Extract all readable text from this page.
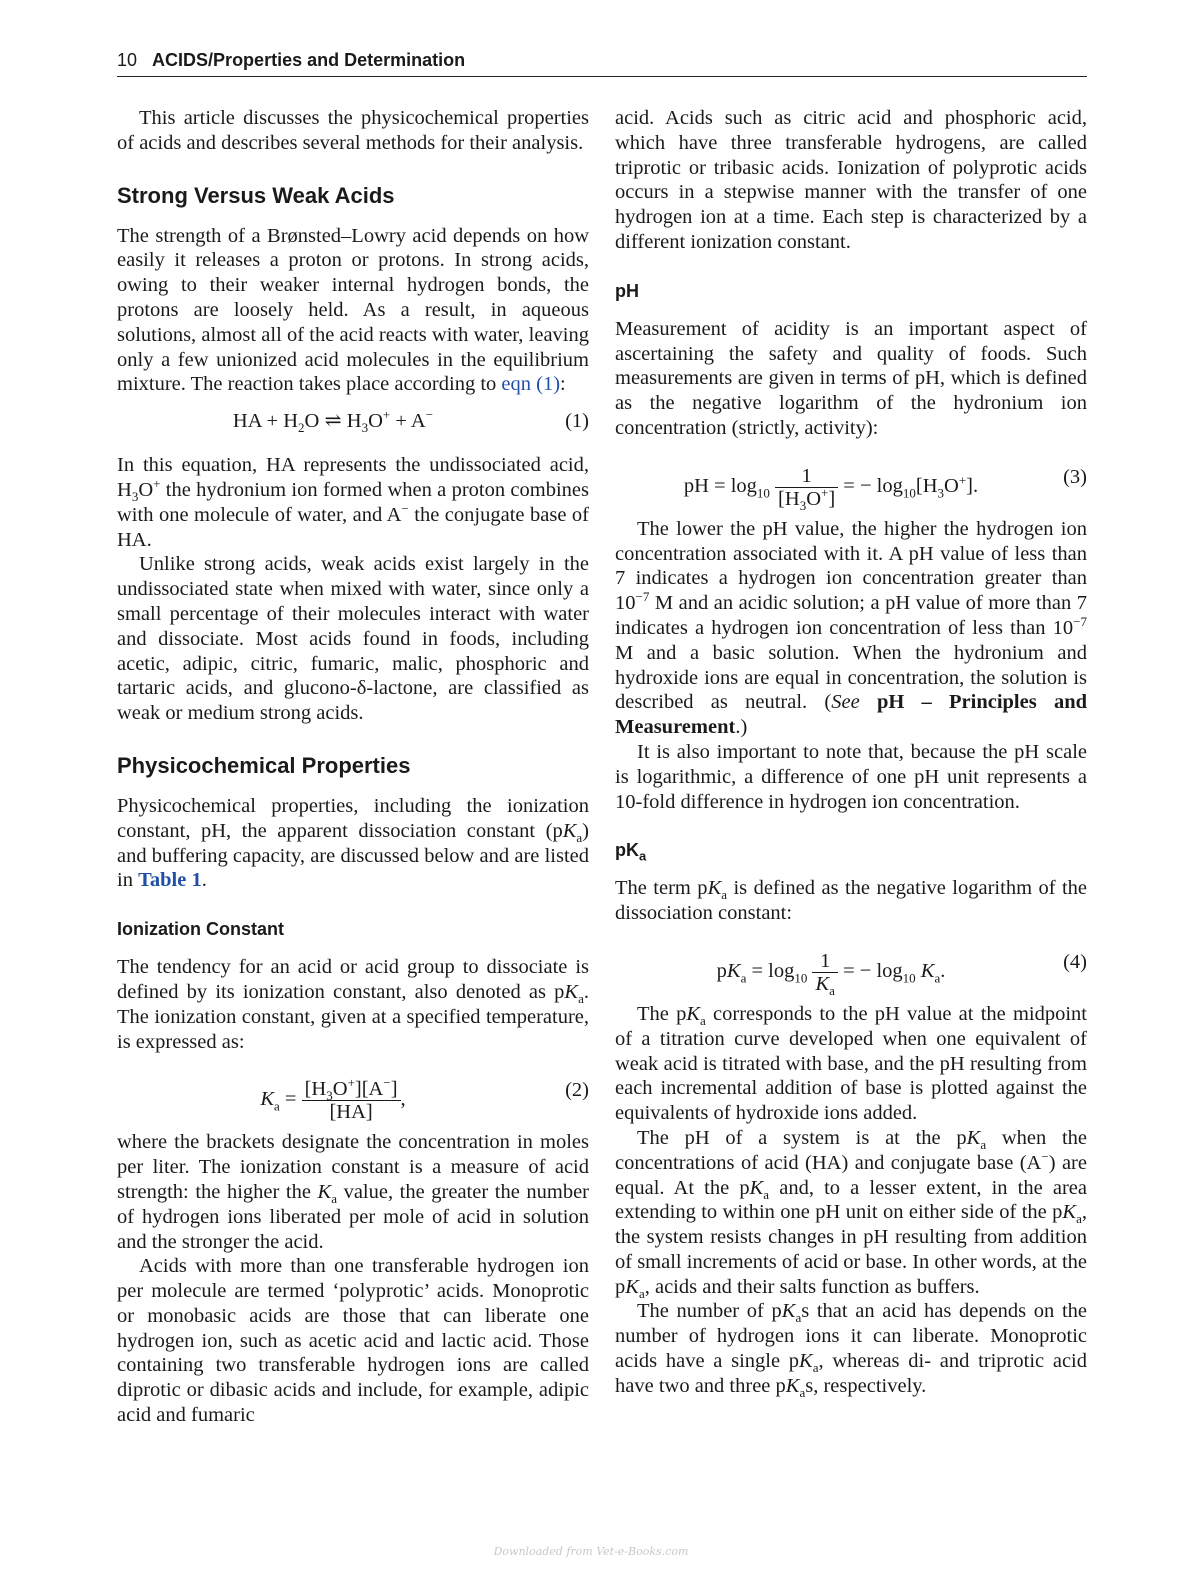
10 ACIDS/Properties and Determination

This article discusses the physicochemical properties of acids and describes several methods for their analysis.

Strong Versus Weak Acids

The strength of a Brønsted–Lowry acid depends on how easily it releases a proton or protons. In strong acids, owing to their weaker internal hydrogen bonds, the protons are loosely held. As a result, in aqueous solutions, almost all of the acid reacts with water, leaving only a few unionized acid molecules in the equilibrium mixture. The reaction takes place according to eqn (1):

HA + $H_2O$ ⇌ $H_3O^+ + A^-$	(1)

In this equation, HA represents the undissociated acid, $H_3O^+$ the hydronium ion formed when a proton combines with one molecule of water, and A− the conjugate base of HA.

Unlike strong acids, weak acids exist largely in the undissociated state when mixed with water, since only a small percentage of their molecules interact with water and dissociate. Most acids found in foods, including acetic, adipic, citric, fumaric, malic, phosphoric and tartaric acids, and glucono-δ-lactone, are classified as weak or medium strong acids.

Physicochemical Properties

Physicochemical properties, including the ionization constant, pH, the apparent dissociation constant $(pK_a)$ and buffering capacity, are discussed below and are listed in Table 1.

Ionization Constant

The tendency for an acid or acid group to dissociate is defined by its ionization constant, also denoted as $pK_a$. The ionization constant, given at a specified temperature, is expressed as:

$K_a = \frac{[H_3O^+][A^-]}{[HA]}$ ,	(2)

where the brackets designate the concentration in moles per liter. The ionization constant is a measure of acid strength: the higher the $K_a$ value, the greater the number of hydrogen ions liberated per mole of acid in solution and the stronger the acid.

Acids with more than one transferable hydrogen ion per molecule are termed ‘polyprotic’ acids. Monoprotic or monobasic acids are those that can liberate one hydrogen ion, such as acetic acid and lactic acid. Those containing two transferable hydrogen ions are called diprotic or dibasic acids and include, for example, adipic acid and fumaric

acid. Acids such as citric acid and phosphoric acid, which have three transferable hydrogens, are called triprotic or tribasic acids. Ionization of polyprotic acids occurs in a stepwise manner with the transfer of one hydrogen ion at a time. Each step is characterized by a different ionization constant.

pH

Measurement of acidity is an important aspect of ascertaining the safety and quality of foods. Such measurements are given in terms of pH, which is defined as the negative logarithm of the hydronium ion concentration (strictly, activity):

pH = $\log_{10} \frac{1}{[H_3O^+]}$ = − $\log_{10}[H_3O^+]$.	(3)

The lower the pH value, the higher the hydrogen ion concentration associated with it. A pH value of less than 7 indicates a hydrogen ion concentration greater than $10^{-7}$ M and an acidic solution; a pH value of more than 7 indicates a hydrogen ion concentration of less than $10^{-7}$ M and a basic solution. When the hydronium and hydroxide ions are equal in concentration, the solution is described as neutral. (See pH – Principles and Measurement.)

It is also important to note that, because the pH scale is logarithmic, a difference of one pH unit represents a 10-fold difference in hydrogen ion concentration.

$pK_a$

The term $pK_a$ is defined as the negative logarithm of the dissociation constant:

$pK_a = \log_{10} \frac{1}{K_a}$ = − $\log_{10} K_a$.	(4)

The $pK_a$ corresponds to the pH value at the midpoint of a titration curve developed when one equivalent of weak acid is titrated with base, and the pH resulting from each incremental addition of base is plotted against the equivalents of hydroxide ions added.

The pH of a system is at the $pK_a$ when the concentrations of acid (HA) and conjugate base (A−) are equal. At the $pK_a$ and, to a lesser extent, in the area extending to within one pH unit on either side of the $pK_a$, the system resists changes in pH resulting from addition of small increments of acid or base. In other words, at the $pK_a$, acids and their salts function as buffers.

The number of $pK_as$ that an acid has depends on the number of hydrogen ions it can liberate. Monoprotic acids have a single $pK_a$, whereas di- and triprotic acid have two and three $pK_as$, respectively.

Downloaded from Vet-e-Books.com
